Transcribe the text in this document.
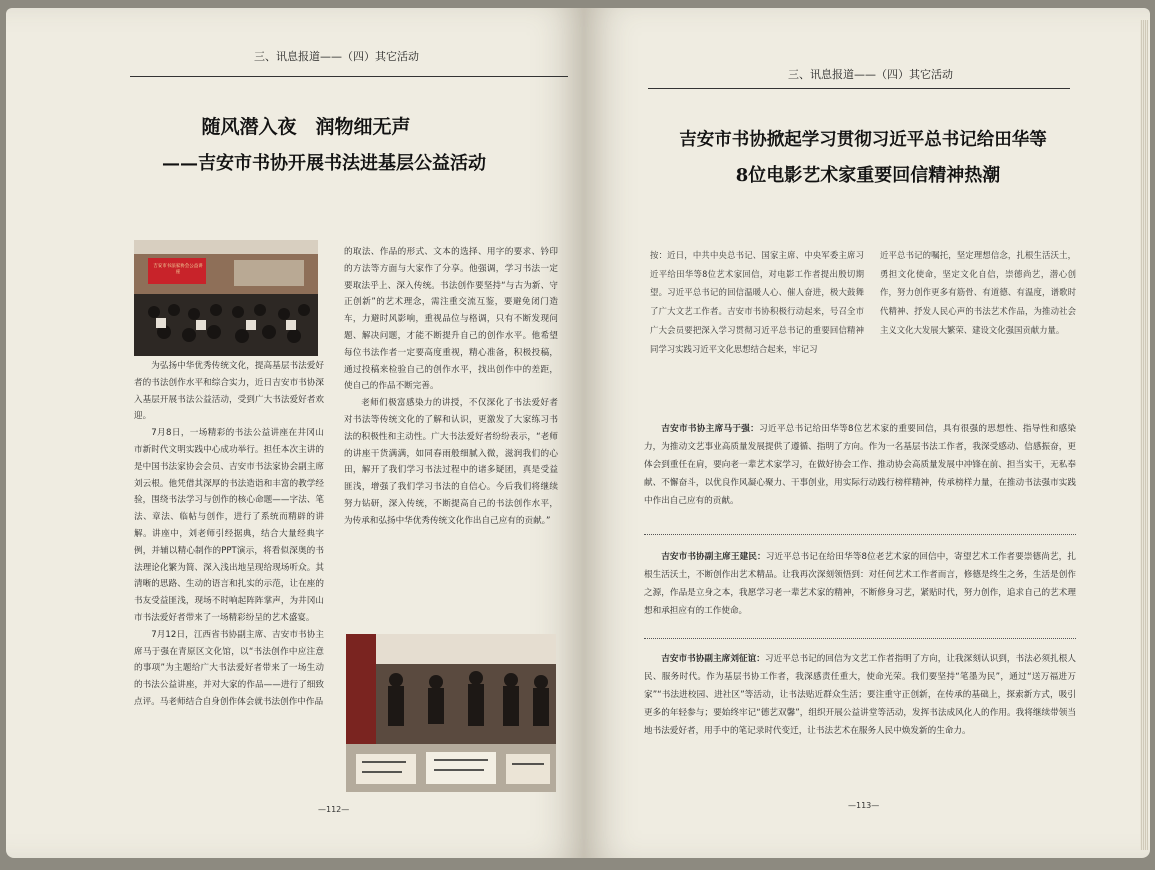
三、讯息报道——（四）其它活动
随风潜入夜　润物细无声
——吉安市书协开展书法进基层公益活动
吉安市书法家协会公益讲座

为弘扬中华优秀传统文化，提高基层书法爱好者的书法创作水平和综合实力，近日吉安市书协深入基层开展书法公益活动，受到广大书法爱好者欢迎。

7月8日，一场精彩的书法公益讲座在井冈山市新时代文明实践中心成功举行。担任本次主讲的是中国书法家协会会员、吉安市书法家协会副主席刘云根。他凭借其深厚的书法造诣和丰富的教学经验，围绕书法学习与创作的核心命题——字法、笔法、章法、临帖与创作，进行了系统而精辟的讲解。讲座中，刘老师引经据典，结合大量经典字例，并辅以精心制作的PPT演示，将看似深奥的书法理论化繁为简、深入浅出地呈现给现场听众。其清晰的思路、生动的语言和扎实的示范，让在座的书友受益匪浅，现场不时响起阵阵掌声，为井冈山市书法爱好者带来了一场精彩纷呈的艺术盛宴。

7月12日，江西省书协副主席、吉安市书协主席马于强在青原区文化馆，以“书法创作中应注意的事项”为主题给广大书法爱好者带来了一场生动的书法公益讲座，并对大家的作品——进行了细致点评。马老师结合自身创作体会就书法创作中作品

的取法、作品的形式、文本的选择、用字的要求、钤印的方法等方面与大家作了分享。他强调，学习书法一定要取法乎上、深入传统。书法创作要坚持“与古为新、守正创新”的艺术理念，需注重交流互鉴，要避免闭门造车，力避时风影响，重视品位与格调，只有不断发现问题、解决问题，才能不断提升自己的创作水平。他希望每位书法作者一定要高度重视，精心准备，积极投稿，通过投稿来检验自己的创作水平，找出创作中的差距，使自己的作品不断完善。

老师们极富感染力的讲授，不仅深化了书法爱好者对书法等传统文化的了解和认识，更激发了大家练习书法的积极性和主动性。广大书法爱好者纷纷表示，“老师的讲座干货满满，如同春雨般细腻入微，滋润我们的心田，解开了我们学习书法过程中的诸多疑团，真是受益匪浅，增强了我们学习书法的自信心。今后我们将继续努力钻研，深入传统，不断提高自己的书法创作水平，为传承和弘扬中华优秀传统文化作出自己应有的贡献。”

—112—
三、讯息报道——（四）其它活动
吉安市书协掀起学习贯彻习近平总书记给田华等
8位电影艺术家重要回信精神热潮
按：近日，中共中央总书记、国家主席、中央军委主席习近平给田华等8位艺术家回信，对电影工作者提出殷切期望。习近平总书记的回信温暖人心、催人奋进，极大鼓舞了广大文艺工作者。吉安市书协积极行动起来，号召全市广大会员要把深入学习贯彻习近平总书记的重要回信精神同学习实践习近平文化思想结合起来，牢记习
近平总书记的嘱托，坚定理想信念，扎根生活沃土，勇担文化使命，坚定文化自信，崇德尚艺，潜心创作，努力创作更多有筋骨、有道德、有温度，谱歌时代精神、抒发人民心声的书法艺术作品，为推动社会主义文化大发展大繁荣、建设文化强国贡献力量。
吉安市书协主席马于强：习近平总书记给田华等8位艺术家的重要回信，具有很强的思想性、指导性和感染力，为推动文艺事业高质量发展提供了遵循、指明了方向。作为一名基层书法工作者，我深受感动、信感振奋，更体会到重任在肩，要向老一辈艺术家学习，在做好协会工作、推动协会高质量发展中冲锋在前、担当实干，无私奉献、不懈奋斗，以优良作风凝心聚力、干事创业，用实际行动践行榜样精神，传承榜样力量，在推动书法强市实践中作出自己应有的贡献。
吉安市书协副主席王建民：习近平总书记在给田华等8位老艺术家的回信中，寄望艺术工作者要崇德尚艺，扎根生活沃土，不断创作出艺术精品。让我再次深刻领悟到：对任何艺术工作者而言，修德是终生之务，生活是创作之源，作品是立身之本，我愿学习老一辈艺术家的精神，不断修身习艺，紧贴时代，努力创作，追求自己的艺术理想和承担应有的工作使命。
吉安市书协副主席刘征谊：习近平总书记的回信为文艺工作者指明了方向，让我深刻认识到，书法必须扎根人民、服务时代。作为基层书协工作者，我深感责任重大，使命光荣。我们要坚持“笔墨为民”，通过“送万福进万家”“书法进校园、进社区”等活动，让书法贴近群众生活；要注重守正创新，在传承的基础上，探索新方式，吸引更多的年轻参与；要始终牢记“德艺双馨”，组织开展公益讲堂等活动，发挥书法成风化人的作用。我将继续带领当地书法爱好者，用手中的笔记录时代变迁，让书法艺术在服务人民中焕发新的生命力。
—113—
